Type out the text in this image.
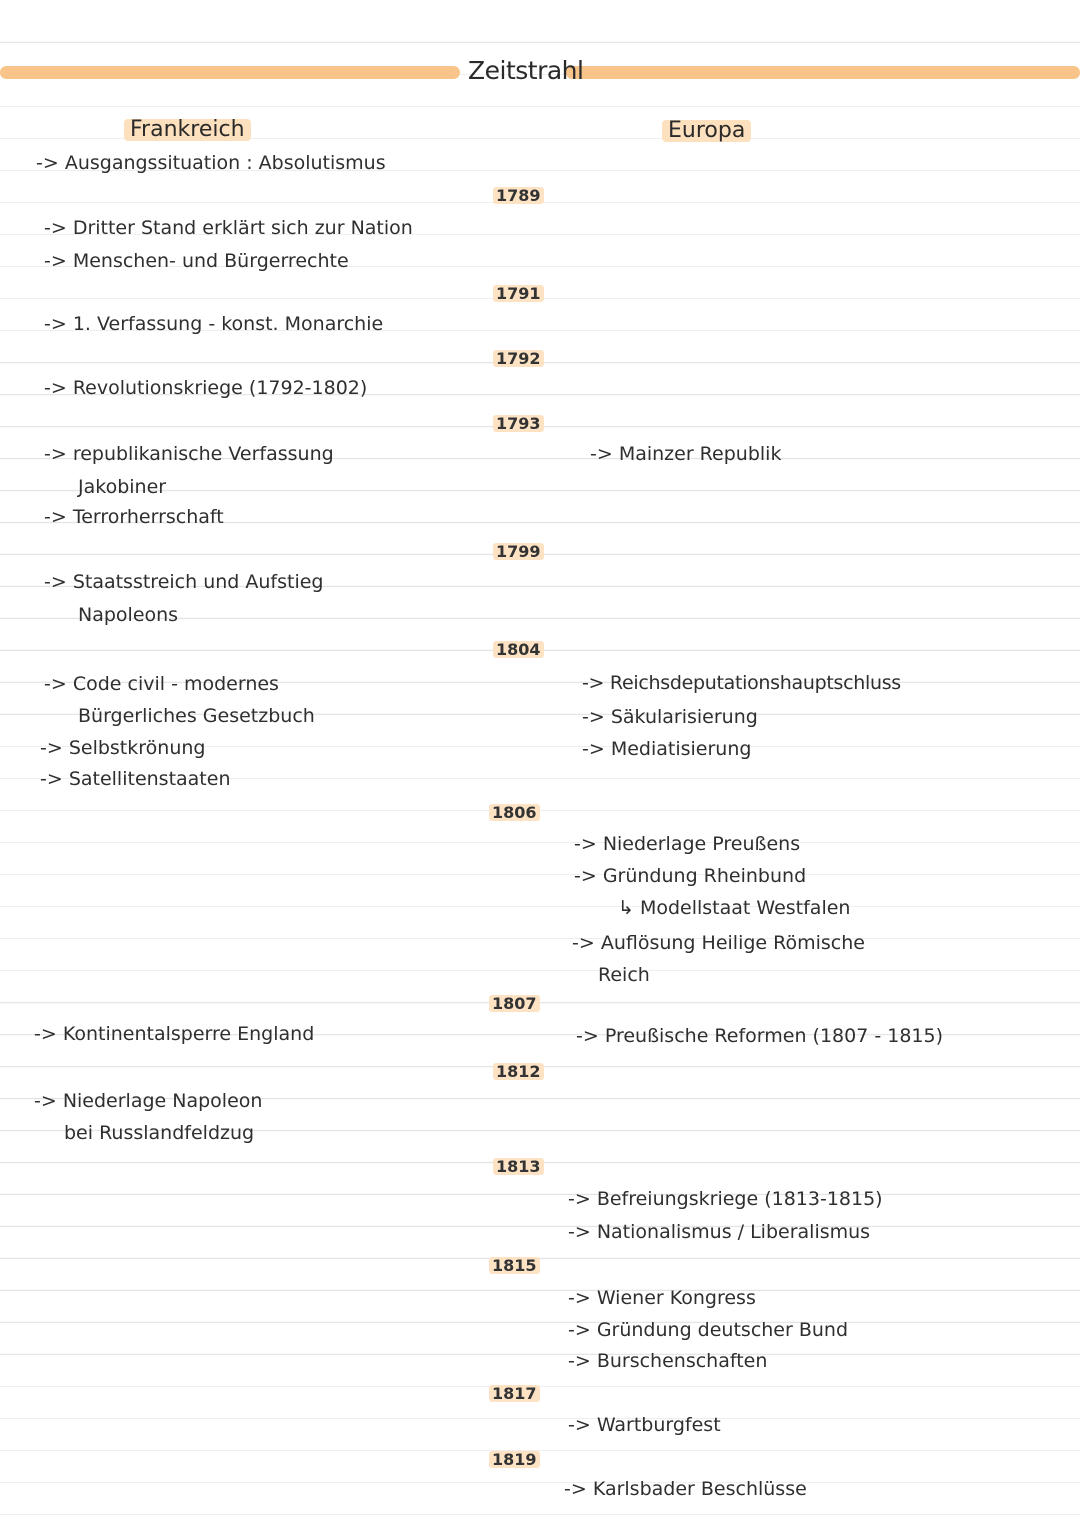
Zeitstrahl
Frankreich	Europa
1789
1791
1792
1793
1799
1804
1806
1807
1812
1813
1815
1817
1819
-> Ausgangssituation : Absolutismus
-> Dritter Stand erklärt sich zur Nation
-> Menschen- und Bürgerrechte
-> 1. Verfassung - konst. Monarchie
-> Revolutionskriege (1792-1802)
-> republikanische Verfassung
Jakobiner
-> Terrorherrschaft
-> Staatsstreich und Aufstieg
Napoleons
-> Code civil - modernes
Bürgerliches Gesetzbuch
-> Selbstkrönung
-> Satellitenstaaten
-> Kontinentalsperre England
-> Niederlage Napoleon
bei Russlandfeldzug
-> Mainzer Republik
-> Reichsdeputationshauptschluss
-> Säkularisierung
-> Mediatisierung
-> Niederlage Preußens
-> Gründung Rheinbund
↳ Modellstaat Westfalen
-> Auflösung Heilige Römische
Reich
-> Preußische Reformen (1807 - 1815)
-> Befreiungskriege (1813-1815)
-> Nationalismus / Liberalismus
-> Wiener Kongress
-> Gründung deutscher Bund
-> Burschenschaften
-> Wartburgfest
-> Karlsbader Beschlüsse
